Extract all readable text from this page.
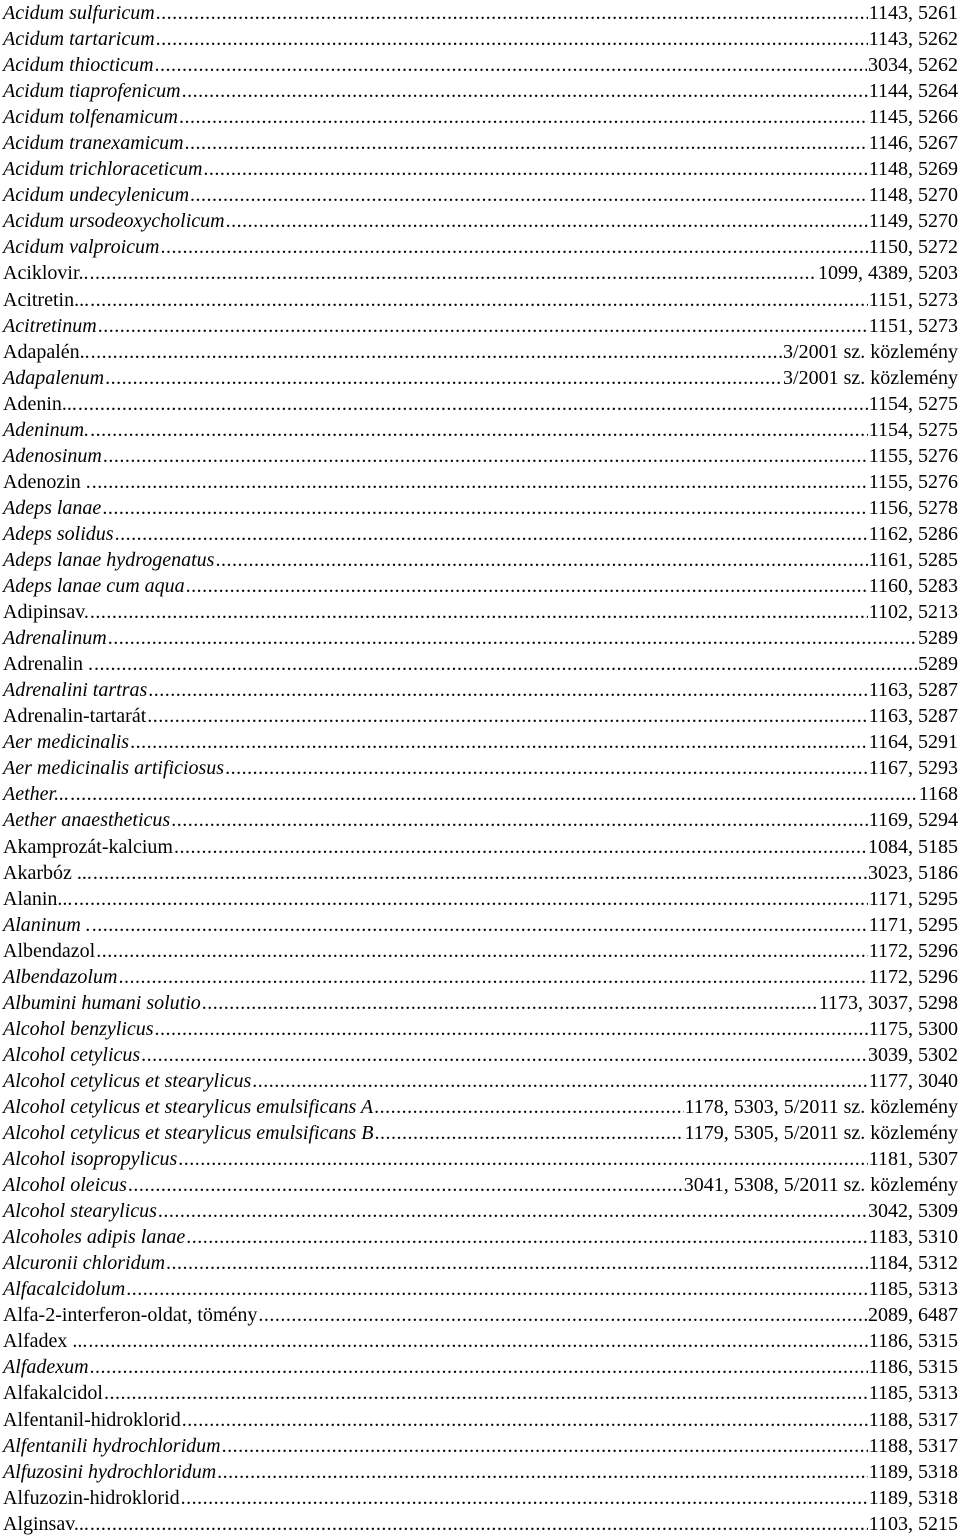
Acidum sulfuricum .....	1143, 5261
Acidum tartaricum .....	1143, 5262
Acidum thiocticum .....	3034, 5262
Acidum tiaprofenicum .....	1144, 5264
Acidum tolfenamicum .....	1145, 5266
Acidum tranexamicum .....	1146, 5267
Acidum trichloraceticum .....	1148, 5269
Acidum undecylenicum .....	1148, 5270
Acidum ursodeoxycholicum .....	1149, 5270
Acidum valproicum .....	1150, 5272
Aciklovir.. .....	1099, 4389, 5203
Acitretin... .....	1151, 5273
Acitretinum .....	1151, 5273
Adapalén.. .....	3/2001 sz. közlemény
Adapalenum .....	3/2001 sz. közlemény
Adenin... .....	1154, 5275
Adeninum. .....	1154, 5275
Adenosinum .....	1155, 5276
Adenozin . .....	1155, 5276
Adeps lanae .....	1156, 5278
Adeps solidus .....	1162, 5286
Adeps lanae hydrogenatus .....	1161, 5285
Adeps lanae cum aqua .....	1160, 5283
Adipinsav. .....	1102, 5213
Adrenalinum .....	5289
Adrenalin . .....	5289
Adrenalini tartras .....	1163, 5287
Adrenalin-tartarát .....	1163, 5287
Aer medicinalis .....	1164, 5291
Aer medicinalis artificiosus .....	1167, 5293
Aether... .....	1168
Aether anaestheticus .....	1169, 5294
Akamprozát-kalcium .....	1084, 5185
Akarbóz ... .....	3023, 5186
Alanin... .....	1171, 5295
Alaninum . .....	1171, 5295
Albendazol .....	1172, 5296
Albendazolum .....	1172, 5296
Albumini humani solutio .....	1173, 3037, 5298
Alcohol benzylicus .....	1175, 5300
Alcohol cetylicus .....	3039, 5302
Alcohol cetylicus et stearylicus .....	1177, 3040
Alcohol cetylicus et stearylicus emulsificans A .....	1178, 5303, 5/2011 sz. közlemény
Alcohol cetylicus et stearylicus emulsificans B .....	1179, 5305, 5/2011 sz. közlemény
Alcohol isopropylicus .....	1181, 5307
Alcohol oleicus .....	3041, 5308, 5/2011 sz. közlemény
Alcohol stearylicus .....	3042, 5309
Alcoholes adipis lanae .....	1183, 5310
Alcuronii chloridum .....	1184, 5312
Alfacalcidolum .....	1185, 5313
Alfa-2-interferon-oldat, tömény .....	2089, 6487
Alfadex ... .....	1186, 5315
Alfadexum .....	1186, 5315
Alfakalcidol .....	1185, 5313
Alfentanil-hidroklorid .....	1188, 5317
Alfentanili hydrochloridum .....	1188, 5317
Alfuzosini hydrochloridum .....	1189, 5318
Alfuzozin-hidroklorid .....	1189, 5318
Alginsav... .....	1103, 5215
